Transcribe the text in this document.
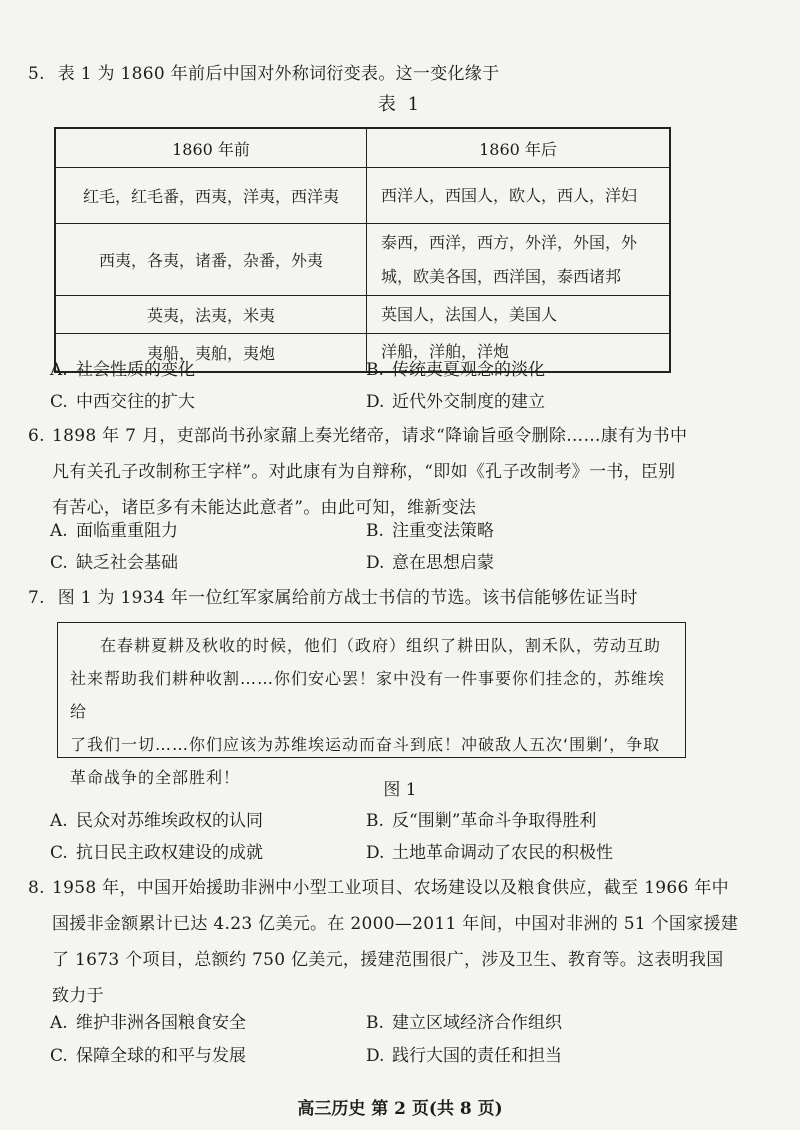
5. 表 1 为 1860 年前后中国对外称词衍变表。这一变化缘于
表 1
1860 年前	1860 年后
红毛，红毛番，西夷，洋夷，西洋夷	西洋人，西国人，欧人，西人，洋妇
西夷，各夷，诸番，杂番，外夷	泰西，西洋，西方，外洋，外国，外城，欧美各国，西洋国，泰西诸邦
英夷，法夷，米夷	英国人，法国人，美国人
夷船，夷舶，夷炮	洋船，洋舶，洋炮
A. 社会性质的变化	B. 传统夷夏观念的淡化
C. 中西交往的扩大	D. 近代外交制度的建立
6. 1898 年 7 月，吏部尚书孙家鼐上奏光绪帝，请求“降谕旨亟令删除……康有为书中
凡有关孔子改制称王字样”。对此康有为自辩称，“即如《孔子改制考》一书，臣别
有苦心，诸臣多有未能达此意者”。由此可知，维新变法
A. 面临重重阻力	B. 注重变法策略
C. 缺乏社会基础	D. 意在思想启蒙
7. 图 1 为 1934 年一位红军家属给前方战士书信的节选。该书信能够佐证当时
在春耕夏耕及秋收的时候，他们（政府）组织了耕田队，割禾队，劳动互助
社来帮助我们耕种收割……你们安心罢！家中没有一件事要你们挂念的，苏维埃给
了我们一切……你们应该为苏维埃运动而奋斗到底！冲破敌人五次‘围剿’，争取
革命战争的全部胜利！
图 1
A. 民众对苏维埃政权的认同	B. 反“围剿”革命斗争取得胜利
C. 抗日民主政权建设的成就	D. 土地革命调动了农民的积极性
8. 1958 年，中国开始援助非洲中小型工业项目、农场建设以及粮食供应，截至 1966 年中
国援非金额累计已达 4.23 亿美元。在 2000—2011 年间，中国对非洲的 51 个国家援建
了 1673 个项目，总额约 750 亿美元，援建范围很广，涉及卫生、教育等。这表明我国
致力于
A. 维护非洲各国粮食安全	B. 建立区域经济合作组织
C. 保障全球的和平与发展	D. 践行大国的责任和担当
高三历史 第 2 页(共 8 页)
